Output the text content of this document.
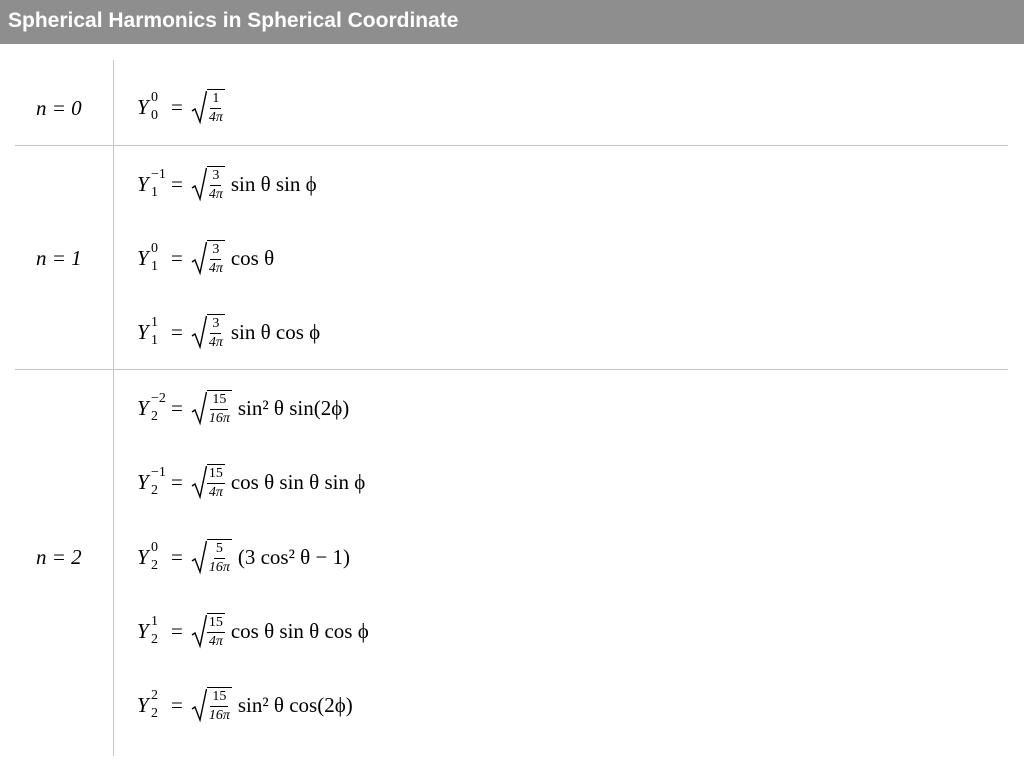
Spherical Harmonics in Spherical Coordinate
n = 0
n = 1
n = 2
Y 0
$0 = \frac{1}{4\pi}$
Y −1
$1 = \frac{3}{4\pi}$ sin θ sin ϕ
Y 0
$1 = \frac{3}{4\pi}$ cos θ
Y 1
$1 = \frac{3}{4\pi}$ sin θ cos ϕ
Y −2
$2 = \frac{15}{16\pi} \sin^2$ θ sin(2ϕ)
Y −1
$2 = \frac{15}{4\pi}$ cos θ sin θ sin ϕ
Y 0
$2 = \frac{5}{16\pi} (3$ cos² θ − 1)
Y 1
$2 = \frac{15}{4\pi}$ cos θ sin θ cos ϕ
Y 2
$2 = \frac{15}{16\pi} \sin^2$ θ cos(2ϕ)
